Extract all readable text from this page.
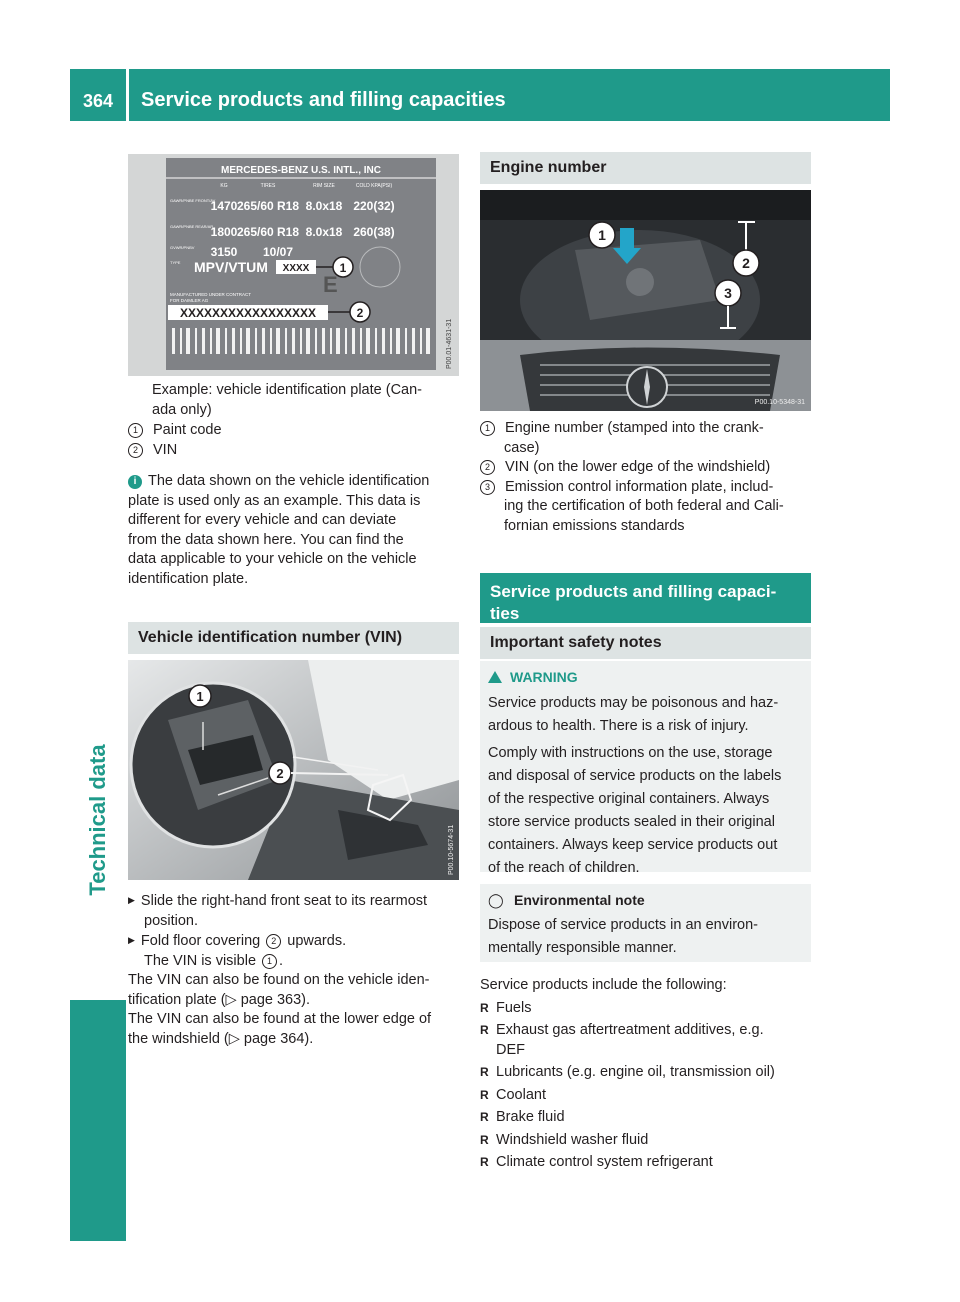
364	Service products and filling capacities
Technical data
MERCEDES-BENZ U.S. INTL., INC
KG	TIRES	RIM SIZE	COLD KPA(PSI)
GAWR/PNBE FRONT/AV
1470 265/60 R18 8.0x18 220(32)
GAWR/PNBE REAR/AR
1800 265/60 R18 8.0x18 260(38)
GVWR/PNBV 3150 10/07
TYPE MPV/VTUM XXXX	1
E
MANUFACTURED UNDER CONTRACT
FOR DAIMLER AG
XXXXXXXXXXXXXXXXX	2
P00.01-4631-31
Example: vehicle identification plate (Can-
ada only)
1 Paint code
2 VIN
i The data shown on the vehicle identification
plate is used only as an example. This data is
different for every vehicle and can deviate
from the data shown here. You can find the
data applicable to your vehicle on the vehicle
identification plate.
Vehicle identification number (VIN)
1
2
P00.10-5674-31
▶ Slide the right-hand front seat to its rearmost
position.
▶ Fold floor covering 2 upwards.
The VIN is visible 1 .
The VIN can also be found on the vehicle iden-
tification plate (▷ page 363).
The VIN can also be found at the lower edge of
the windshield (▷ page 364).
Engine number
1
2
3
P00.10-5348-31
1 Engine number (stamped into the crank-
case)
2 VIN (on the lower edge of the windshield)
3 Emission control information plate, includ-
ing the certification of both federal and Cali-
fornian emissions standards
Service products and filling capaci-
ties
Important safety notes
WARNING
Service products may be poisonous and haz-
ardous to health. There is a risk of injury.
Comply with instructions on the use, storage
and disposal of service products on the labels
of the respective original containers. Always
store service products sealed in their original
containers. Always keep service products out
of the reach of children.
◯ Environmental note
Dispose of service products in an environ-
mentally responsible manner.
Service products include the following:
R Fuels
R Exhaust gas aftertreatment additives, e.g.
DEF
R Lubricants (e.g. engine oil, transmission oil)
R Coolant
R Brake fluid
R Windshield washer fluid
R Climate control system refrigerant
